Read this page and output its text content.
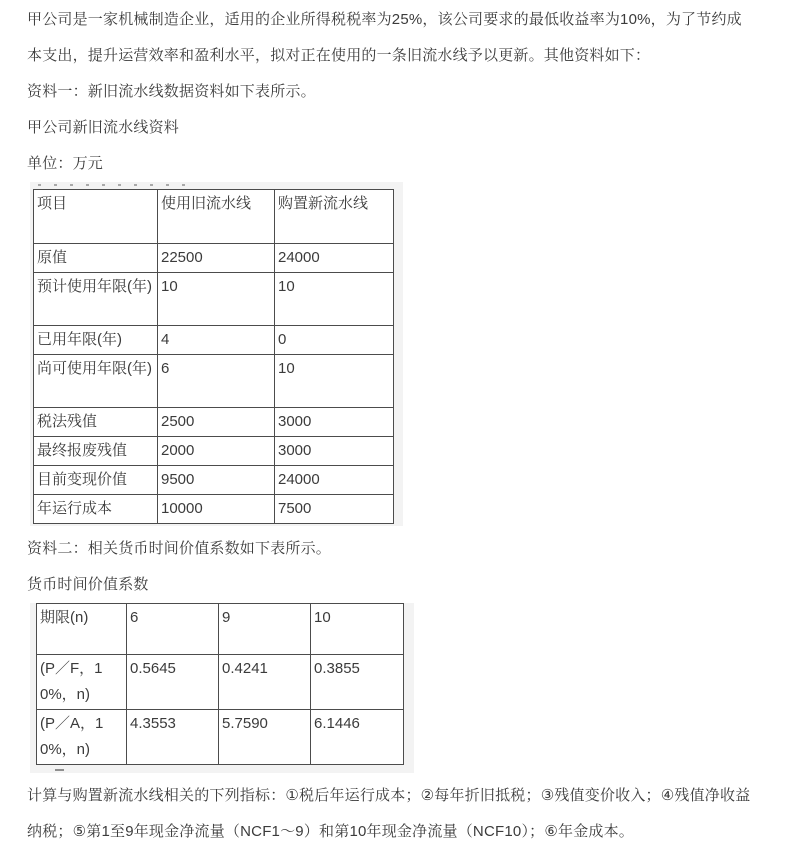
甲公司是一家机械制造企业，适用的企业所得税税率为25%，该公司要求的最低收益率为10%，为了节约成本支出，提升运营效率和盈利水平，拟对正在使用的一条旧流水线予以更新。其他资料如下：

资料一：新旧流水线数据资料如下表所示。

甲公司新旧流水线资料

单位：万元

项目	使用旧流水线	购置新流水线
原值	22500	24000
预计使用年限(年)	10	10
已用年限(年)	4	0
尚可使用年限(年)	6	10
税法残值	2500	3000
最终报废残值	2000	3000
目前变现价值	9500	24000
年运行成本	10000	7500

资料二：相关货币时间价值系数如下表所示。

货币时间价值系数

期限(n)	6	9	10
(P／F，10%，n)	0.5645	0.4241	0.3855
(P／A，10%，n)	4.3553	5.7590	6.1446

计算与购置新流水线相关的下列指标：①税后年运行成本；②每年折旧抵税；③残值变价收入；④残值净收益纳税；⑤第1至9年现金净流量（NCF1～9）和第10年现金净流量（NCF10）；⑥年金成本。
